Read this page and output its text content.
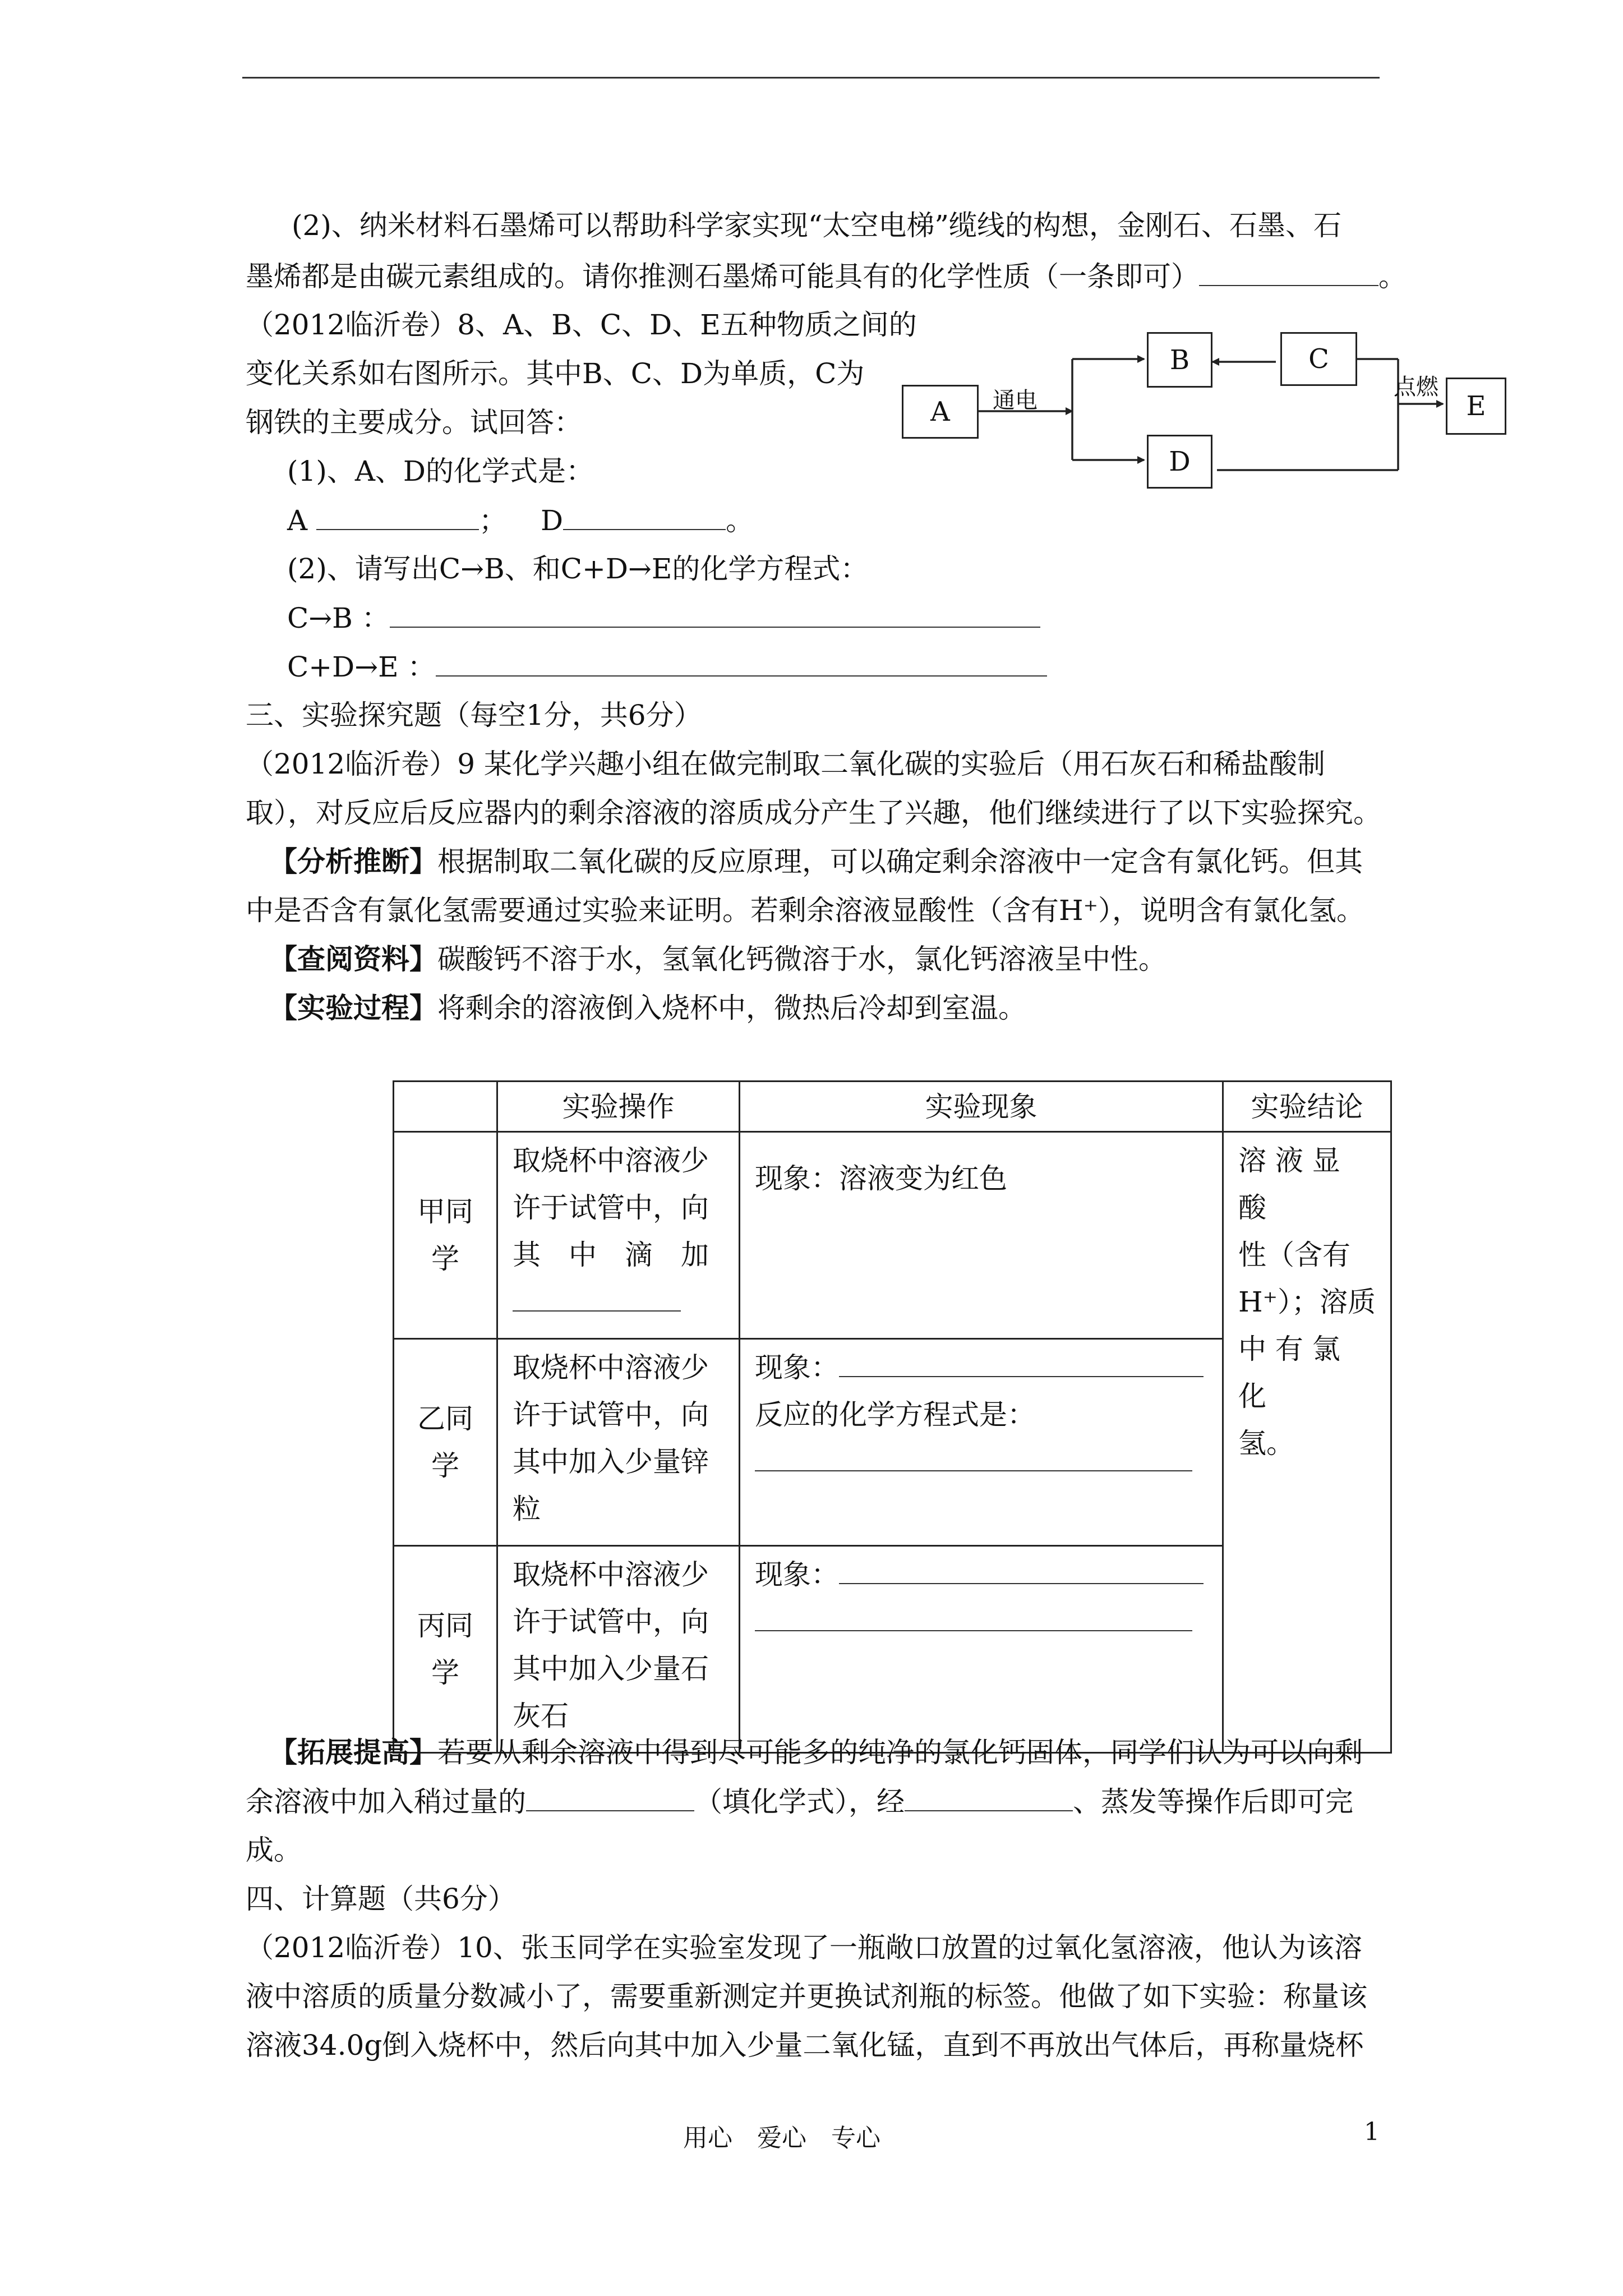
(2)、纳米材料石墨烯可以帮助科学家实现“太空电梯”缆线的构想，金刚石、石墨、石
墨烯都是由碳元素组成的。请你推测石墨烯可能具有的化学性质（一条即可）	。
（2012临沂卷）8、A、B、C、D、E五种物质之间的
变化关系如右图所示。其中B、C、D为单质，C为
钢铁的主要成分。试回答：
(1)、A、D的化学式是：
A	； D	。
(2)、请写出C→B、和C+D→E的化学方程式：
C→B ：
C+D→E ：
A
B	C
D
E
通电
点燃
三、实验探究题（每空1分，共6分）
（2012临沂卷）9 某化学兴趣小组在做完制取二氧化碳的实验后（用石灰石和稀盐酸制
取），对反应后反应器内的剩余溶液的溶质成分产生了兴趣，他们继续进行了以下实验探究。
【分析推断】根据制取二氧化碳的反应原理，可以确定剩余溶液中一定含有氯化钙。但其
中是否含有氯化氢需要通过实验来证明。若剩余溶液显酸性（含有H⁺），说明含有氯化氢。
【查阅资料】碳酸钙不溶于水，氢氧化钙微溶于水，氯化钙溶液呈中性。
【实验过程】将剩余的溶液倒入烧杯中，微热后冷却到室温。
	实验操作	实验现象	实验结论

甲同
学	取烧杯中溶液少
许于试管中，向
其　中　滴　加	现象：溶液变为红色	溶 液 显 酸
性（含有
H⁺）；溶质
中 有 氯 化
氢。

乙同
学	取烧杯中溶液少
许于试管中，向
其中加入少量锌
粒	现象：
反应的化学方程式是：	

丙同
学	取烧杯中溶液少
许于试管中，向
其中加入少量石
灰石	现象：	
【拓展提高】若要从剩余溶液中得到尽可能多的纯净的氯化钙固体，同学们认为可以向剩
余溶液中加入稍过量的	（填化学式），经	、蒸发等操作后即可完
成。
四、计算题（共6分）
（2012临沂卷）10、张玉同学在实验室发现了一瓶敞口放置的过氧化氢溶液，他认为该溶
液中溶质的质量分数减小了，需要重新测定并更换试剂瓶的标签。他做了如下实验：称量该
溶液34.0g倒入烧杯中，然后向其中加入少量二氧化锰，直到不再放出气体后，再称量烧杯
用心　爱心　专心	1
